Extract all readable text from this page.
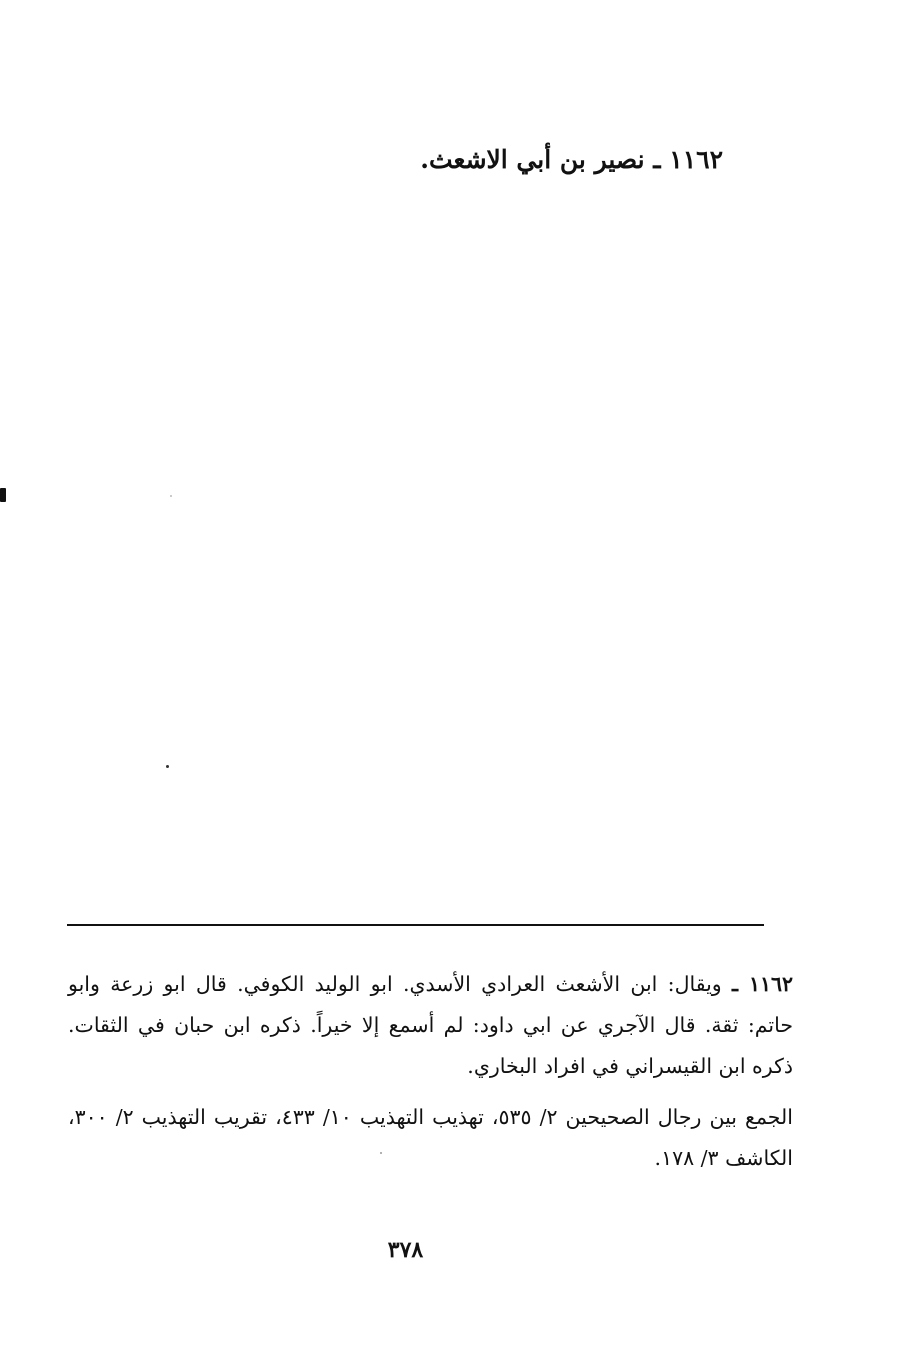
١١٦٢ ـ نصير بن أبي الاشعث.

١١٦٢ ـ ويقال: ابن الأشعث العرادي الأسدي. ابو الوليد الكوفي. قال ابو زرعة وابو حاتم: ثقة. قال الآجري عن ابي داود: لم أسمع إلا خيراً. ذكره ابن حبان في الثقات. ذكره ابن القيسراني في افراد البخاري.

الجمع بين رجال الصحيحين ٢/ ٥٣٥، تهذيب التهذيب ١٠/ ٤٣٣، تقريب التهذيب ٢/ ٣٠٠، الكاشف ٣/ ١٧٨.

٣٧٨
